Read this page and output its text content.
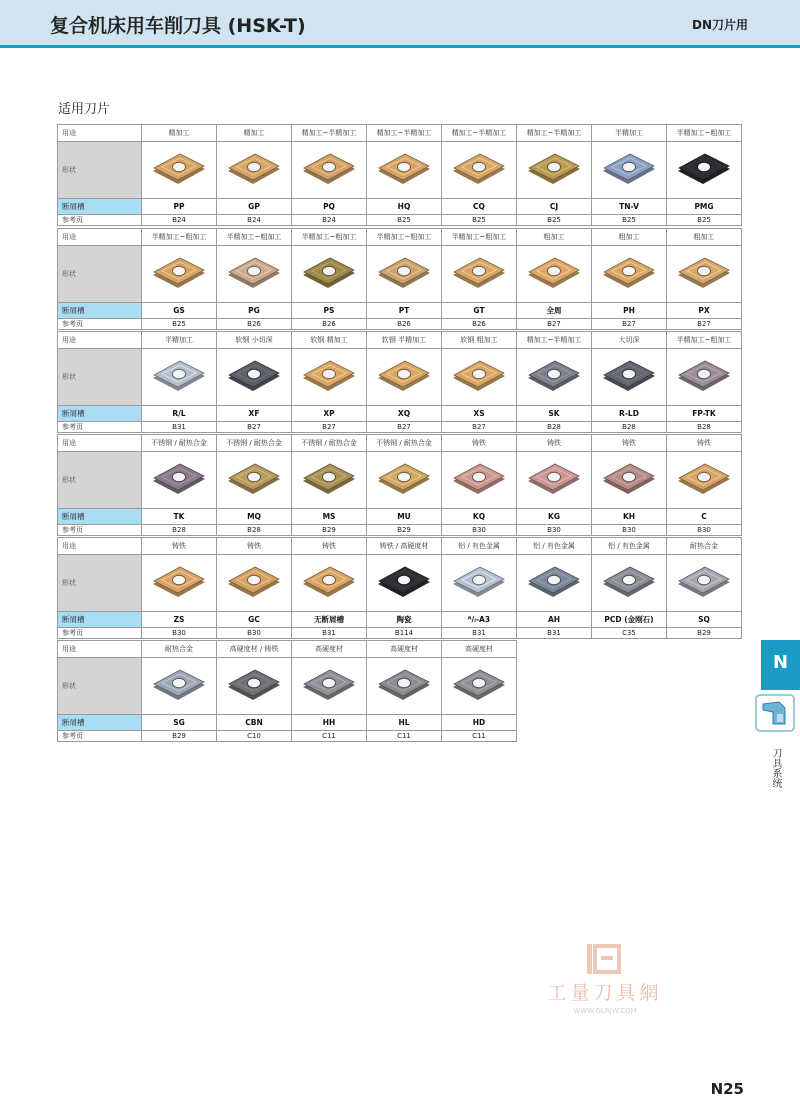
复合机床用车削刀具 (HSK-T)	DN刀片用
适用刀片
用途	精加工	精加工	精加工~半精加工	精加工~半精加工	精加工~半精加工	精加工~半精加工	半精加工	半精加工~粗加工
形状	

断屑槽	PP	GP	PQ	HQ	CQ	CJ	TN-V	PMG
参考页	B24	B24	B24	B25	B25	B25	B25	B25
用途	半精加工~粗加工	半精加工~粗加工	半精加工~粗加工	半精加工~粗加工	半精加工~粗加工	粗加工	粗加工	粗加工
形状	

断屑槽	GS	PG	PS	PT	GT	全周	PH	PX
参考页	B25	B26	B26	B26	B26	B27	B27	B27
用途	半精加工	软钢 小切深	软钢 精加工	软钢 半精加工	软钢 粗加工	精加工~半精加工	大切深	半精加工~粗加工
形状	

断屑槽	R/L	XF	XP	XQ	XS	SK	R-LD	FP-TK
参考页	B31	B27	B27	B27	B27	B28	B28	B28
用途	不锈钢 / 耐热合金	不锈钢 / 耐热合金	不锈钢 / 耐热合金	不锈钢 / 耐热合金	铸铁	铸铁	铸铁	铸铁
形状	

断屑槽	TK	MQ	MS	MU	KQ	KG	KH	C
参考页	B28	B28	B29	B29	B30	B30	B30	B30
用途	铸铁	铸铁	铸铁	铸铁 / 高硬度材	铝 / 有色金属	铝 / 有色金属	铝 / 有色金属	耐热合金
形状	

断屑槽	ZS	GC	无断屑槽	陶瓷	ᴿ/ₗ-A3	AH	PCD (金刚石)	SQ
参考页	B30	B30	B31	B114	B31	B31	C35	B29
用途	耐热合金	高硬度材 / 铸铁	高硬度材	高硬度材	高硬度材
形状	

断屑槽	SG	CBN	HH	HL	HD
参考页	B29	C10	C11	C11	C11
N
刀具系统
工量刀具網
WWW.GLRJW.COM
N25
